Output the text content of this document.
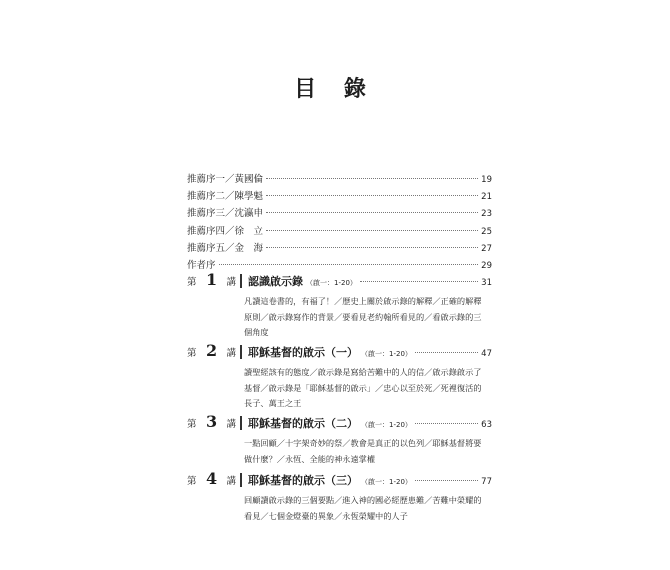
目 錄
推薦序一／黃國倫	19
推薦序二／陳學魁	21
推薦序三／沈瀛申	23
推薦序四／徐　立	25
推薦序五／金　海	27
作者序	29
第 1 講 認識啟示錄 （啟一：1-20）	31
凡讀這卷書的，有福了！／歷史上關於啟示錄的解釋／正確的解釋原則／啟示錄寫作的背景／要看見老約翰所看見的／看啟示錄的三個角度
第 2 講 耶穌基督的啟示（一） （啟一：1-20）	47
讀聖經該有的態度／啟示錄是寫給苦難中的人的信／啟示錄啟示了基督／啟示錄是「耶穌基督的啟示」／忠心以至於死／死裡復活的長子、萬王之王
第 3 講 耶穌基督的啟示（二） （啟一：1-20）	63
一點回顧／十字架奇妙的祭／教會是真正的以色列／耶穌基督將要做什麼？／永恆、全能的神永遠掌權
第 4 講 耶穌基督的啟示（三） （啟一：1-20）	77
回顧讀啟示錄的三個要點／進入神的國必經歷患難／苦難中榮耀的看見／七個金燈臺的異象／永恆榮耀中的人子
